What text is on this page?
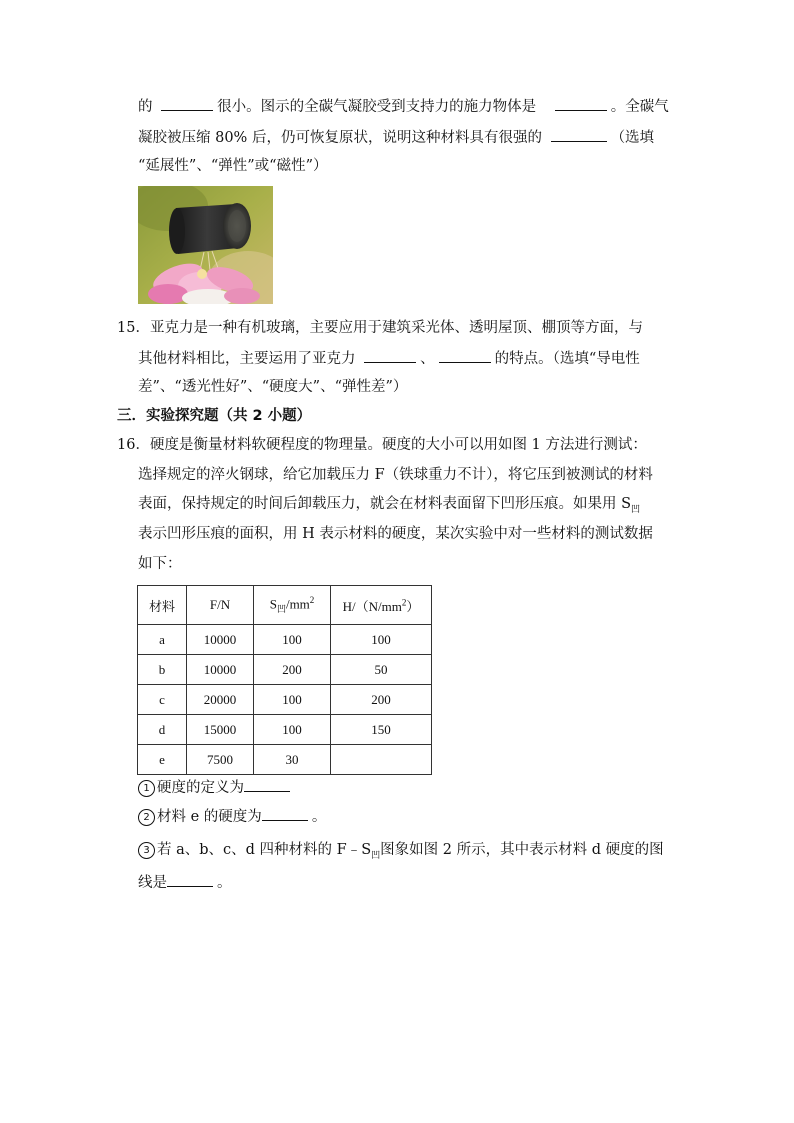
的	很小。图示的全碳气凝胶受到支持力的施力物体是	。全碳气
凝胶被压缩 80% 后，仍可恢复原状，说明这种材料具有很强的	（选填
“延展性”、“弹性”或“磁性”）
15．亚克力是一种有机玻璃，主要应用于建筑采光体、透明屋顶、棚顶等方面，与
其他材料相比，主要运用了亚克力	、	的特点。（选填“导电性
差”、“透光性好”、“硬度大”、“弹性差”）
三．实验探究题（共 2 小题）
16．硬度是衡量材料软硬程度的物理量。硬度的大小可以用如图 1 方法进行测试：
选择规定的淬火钢球，给它加载压力 F（铁球重力不计），将它压到被测试的材料
表面，保持规定的时间后卸载压力，就会在材料表面留下凹形压痕。如果用 $S_凹$
表示凹形压痕的面积，用 H 表示材料的硬度，某次实验中对一些材料的测试数据
如下：
材料	F/N	$S_凹/mm^2$	$H/(N/mm^2)$
a	10000	100	100
b	10000	200	50
c	20000	100	200
d	15000	100	150
e	7500	30	
1 硬度的定义为
2 材料 e 的硬度为	。
3 若 a、b、c、d 四种材料的 $F﹣S_凹$图象如图 2 所示，其中表示材料 d 硬度的图
线是	。
